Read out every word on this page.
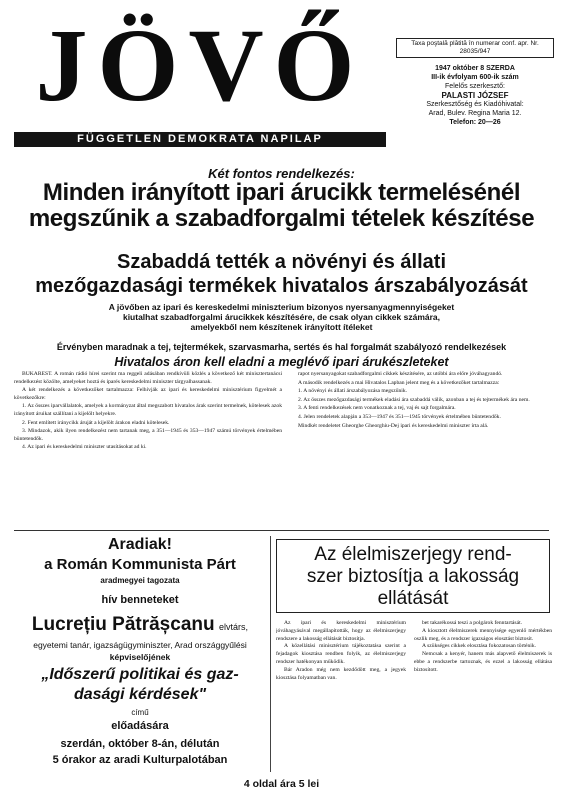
JÖVŐ
FÜGGETLEN DEMOKRATA NAPILAP
Taxa poştală plătită în numerar conf. apr. Nr. 28035/947
1947 október 8 SZERDA
III-ik évfolyam 600-ik szám
Felelős szerkesztő:
PALASTI JÓZSEF
Szerkesztőség és Kiadóhivatal:
Arad, Bulev. Regina Maria 12.
Telefon: 20—26
Két fontos rendelkezés:
Minden irányított ipari árucikk termelésénél
megszűnik a szabadforgalmi tételek készítése
Szabaddá tették a növényi és állati
mezőgazdasági termékek hivatalos árszabályozását
A jövőben az ipari és kereskedelmi miniszterium bizonyos nyersanyagmennyiségeket
kiutalhat szabadforgalmi árucikkek készítésére, de csak olyan cikkek számára,
amelyekből nem készítenek irányított ítéleket
Érvényben maradnak a tej, tejtermékek, szarvasmarha, sertés és hal forgalmát szabályozó rendelkezések
Hivatalos áron kell eladni a meglévő ipari árukészleteket

BUKAREST. A román rádió hírei szerint ma reggeli adásában rendkívüli közlés a következő két minisztertanácsi rendelkezést közölte, amelyeket hoztá és iparés kereskedelmi miniszter tárgyalhassanak.

A két rendelkezés a következőket tartalmazza: Felhívják az ipari és kereskedelmi minisztérium figyelmét a következőkre:

1. Az összes iparvállalatok, amelyek a kormányzat által megszabott hivatalos árak szerint termelnek, kötelesek azok irányított áruikat szállítani a kijelölt helyekre.

2. Fent említett iránycikk áruját a kijelölt árakon eladni kötelesek.

3. Mindazok, akik ilyen rendelkezést nem tartanak meg, a 351—1945 és 353—1947 számú törvények értelmében büntetendők.

4. Az ipari és kereskedelmi miniszter utasításokat ad ki.

rapot nyersanyagokat szabadforgalmi cikkek készítésére, az utóbbi ára előre jóváhagyandó.

A második rendelkezés a mai Hivatalos Lapban jelent meg és a következőket tartalmazza:

1. A növényi és állati árszabályozása megszűnik.

2. Az összes mezőgazdasági termékek eladási ára szabaddá válik, azonban a tej és tejtermékek ára nem.

3. A fenti rendelkezések nem vonatkoznak a tej, vaj és sajt forgalmára.

4. Jelen rendeletek alapján a 353—1947 és 351—1945 törvények értelmében büntetendők.

Mindkét rendeletet Gheorghe Gheorghiu-Dej ipari és kereskedelmi miniszter írta alá.

Aradiak!
a Román Kommunista Párt
aradmegyei tagozata
hív benneteket
Lucrețiu Pătrășcanu elvtárs,
egyetemi tanár, igazságügyminiszter, Arad országgyűlési
képviselőjének
„Időszerű politikai és gaz-
dasági kérdések"
című
előadására
szerdán, október 8-án, délután
5 órakor az aradi Kulturpalotában
Az élelmiszerjegy rend-
szer biztosítja a lakosság
ellátását

Az ipari és kereskedelmi minisztérium jóváhagyásával megállapították, hogy az élelmiszerjegy rendszere a lakosság ellátását biztosítja.

A közellátási minisztérium tájékoztatása szerint a fejadagok kiosztása rendben folyik, az élelmiszerjegy rendszer hatékonyan működik.

Bár Aradon még nem kezdődött meg, a jegyek kiosztása folyamatban van.

bet takarékossá teszi a polgárok fenntartását.

A kiosztott élelmiszerek mennyisége egyenlő mértékben oszlik meg, és a rendszer igazságos elosztást biztosít.

A szükséges cikkek elosztása fokozatosan történik.

Nemcsak a kenyér, hanem más alapvető élelmiszerek is ebbe a rendszerbe tartoznak, és ezzel a lakosság ellátása biztosított.

4 oldal ára 5 lei
